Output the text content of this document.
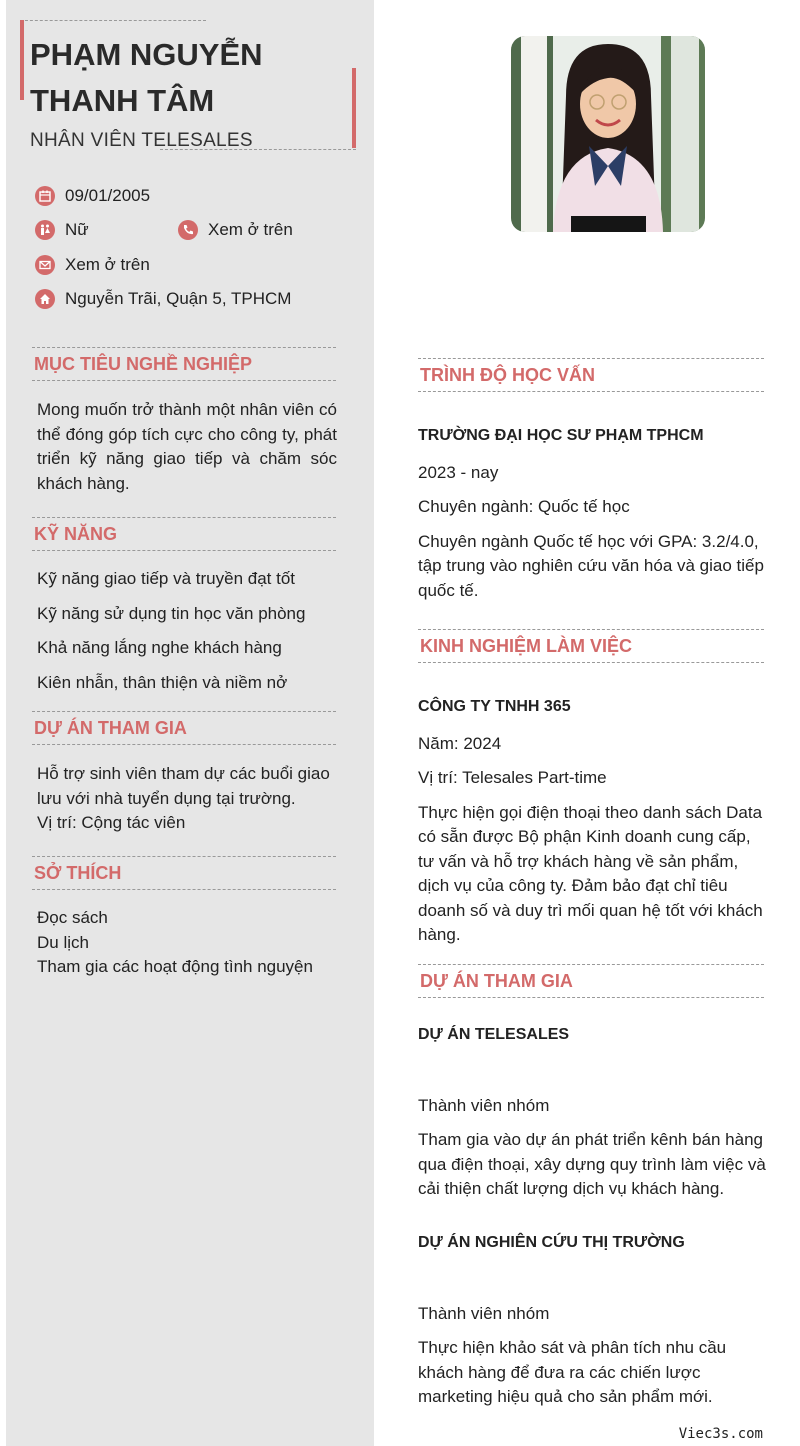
PHẠM NGUYỄN THANH TÂM
NHÂN VIÊN TELESALES
09/01/2005
Nữ	Xem ở trên
Xem ở trên
Nguyễn Trãi, Quận 5, TPHCM
MỤC TIÊU NGHỀ NGHIỆP
Mong muốn trở thành một nhân viên có thể đóng góp tích cực cho công ty, phát triển kỹ năng giao tiếp và chăm sóc khách hàng.
KỸ NĂNG

Kỹ năng giao tiếp và truyền đạt tốt

Kỹ năng sử dụng tin học văn phòng

Khả năng lắng nghe khách hàng

Kiên nhẫn, thân thiện và niềm nở

DỰ ÁN THAM GIA
Hỗ trợ sinh viên tham dự các buổi giao lưu với nhà tuyển dụng tại trường.
Vị trí: Cộng tác viên
SỞ THÍCH
Đọc sách
Du lịch
Tham gia các hoạt động tình nguyện
TRÌNH ĐỘ HỌC VẤN
TRƯỜNG ĐẠI HỌC SƯ PHẠM TPHCM
2023 - nay
Chuyên ngành: Quốc tế học
Chuyên ngành Quốc tế học với GPA: 3.2/4.0, tập trung vào nghiên cứu văn hóa và giao tiếp quốc tế.
KINH NGHIỆM LÀM VIỆC
CÔNG TY TNHH 365
Năm: 2024
Vị trí: Telesales Part-time
Thực hiện gọi điện thoại theo danh sách Data có sẵn được Bộ phận Kinh doanh cung cấp, tư vấn và hỗ trợ khách hàng về sản phẩm, dịch vụ của công ty. Đảm bảo đạt chỉ tiêu doanh số và duy trì mối quan hệ tốt với khách hàng.
DỰ ÁN THAM GIA
DỰ ÁN TELESALES
Thành viên nhóm
Tham gia vào dự án phát triển kênh bán hàng qua điện thoại, xây dựng quy trình làm việc và cải thiện chất lượng dịch vụ khách hàng.
DỰ ÁN NGHIÊN CỨU THỊ TRƯỜNG
Thành viên nhóm
Thực hiện khảo sát và phân tích nhu cầu khách hàng để đưa ra các chiến lược marketing hiệu quả cho sản phẩm mới.
Viec3s.com
